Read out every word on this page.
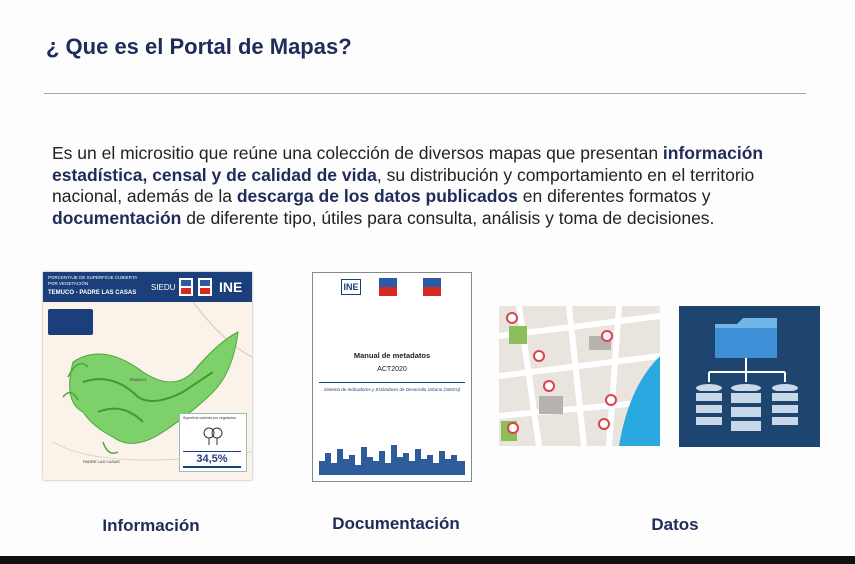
¿ Que es el Portal de Mapas?
Es un el micrositio que reúne una colección de diversos mapas que presentan información estadística, censal y de calidad de vida, su distribución y comportamiento en el territorio nacional, además de la descarga de los datos publicados en diferentes formatos y documentación de diferente tipo, útiles para consulta, análisis y toma de decisiones.
PORCENTAJE DE SUPERFICIE CUBIERTA
POR VEGETACIÓN
TEMUCO - PADRE LAS CASAS
SIEDU	INE
TEMUCO
PADRE LAS CASAS
Superficie cubierta por vegetación
34,5%
Información
INE
Manual de metadatos
ACT2020
Sistema de Indicadores y Estándares de Desarrollo Urbano (SIEDU)
Documentación	Datos
